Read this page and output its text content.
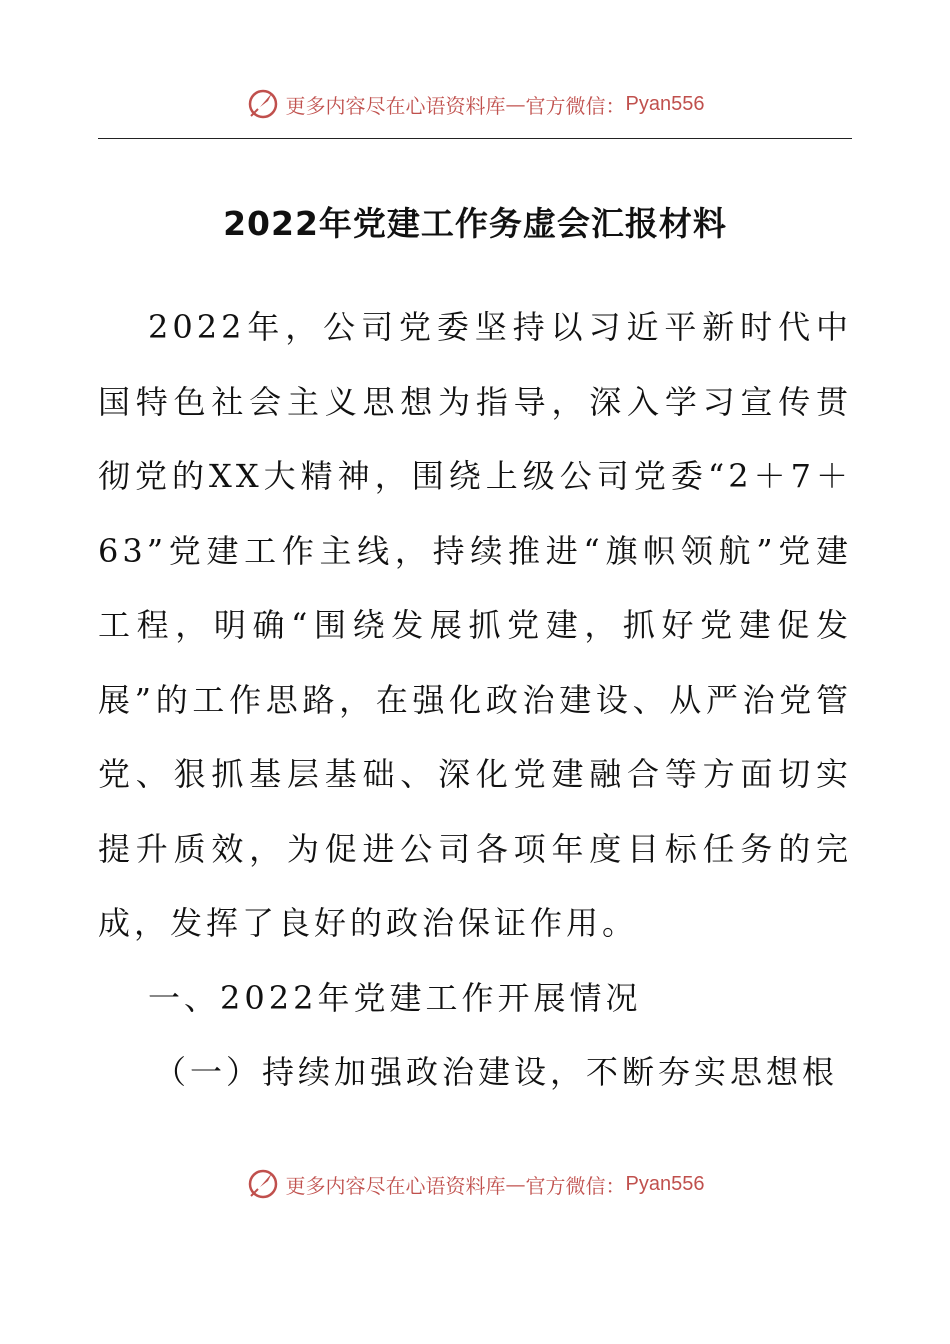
更多内容尽在心语资料库 — 官方微信： Pyan556
2022年党建工作务虚会汇报材料

2022年，公司党委坚持以习近平新时代中国特色社会主义思想为指导，深入学习宣传贯彻党的XX大精神，围绕上级公司党委“2＋7＋63”党建工作主线，持续推进“旗帜领航”党建工程，明确“围绕发展抓党建，抓好党建促发展”的工作思路，在强化政治建设、从严治党管党、狠抓基层基础、深化党建融合等方面切实提升质效，为促进公司各项年度目标任务的完成，发挥了良好的政治保证作用。

一、2022年党建工作开展情况

（一）持续加强政治建设，不断夯实思想根

更多内容尽在心语资料库 — 官方微信： Pyan556
